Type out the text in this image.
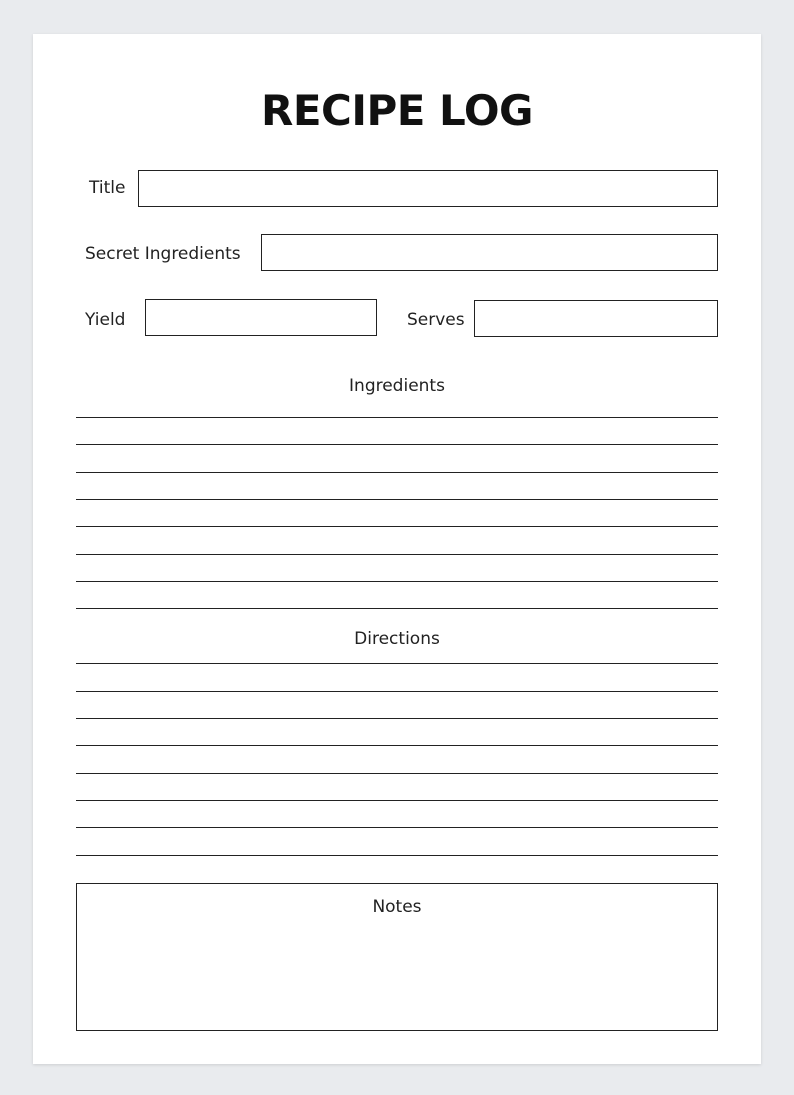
RECIPE LOG
Title
Secret Ingredients
Yield	Serves
Ingredients
Directions
Notes
